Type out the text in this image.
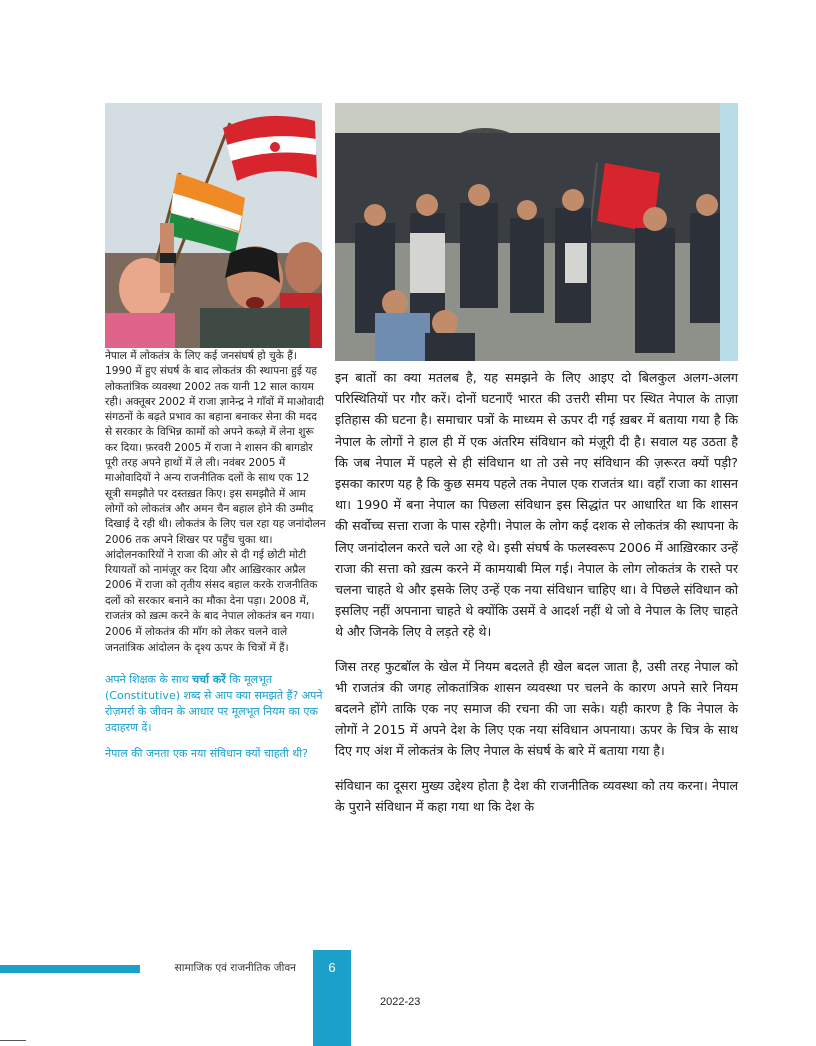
नेपाल में लोकतंत्र के लिए कई जनसंघर्ष हो चुके हैं। 1990 में हुए संघर्ष के बाद लोकतंत्र की स्थापना हुई यह लोकतांत्रिक व्यवस्था 2002 तक यानी 12 साल कायम रही। अक्तूबर 2002 में राजा ज्ञानेन्द्र ने गाँवों में माओवादी संगठनों के बढ़ते प्रभाव का बहाना बनाकर सेना की मदद से सरकार के विभिन्न कामों को अपने कब्ज़े में लेना शुरू कर दिया। फ़रवरी 2005 में राजा ने शासन की बागडोर पूरी तरह अपने हाथों में ले ली। नवंबर 2005 में माओवादियों ने अन्य राजनीतिक दलों के साथ एक 12 सूत्री समझौते पर दस्तख़त किए। इस समझौते में आम लोगों को लोकतंत्र और अमन चैन बहाल होने की उम्मीद दिखाई दे रही थी। लोकतंत्र के लिए चल रहा यह जनांदोलन 2006 तक अपने शिखर पर पहुँच चुका था। आंदोलनकारियों ने राजा की ओर से दी गई छोटी मोटी रियायतों को नामंज़ूर कर दिया और आख़िरकार अप्रैल 2006 में राजा को तृतीय संसद बहाल करके राजनीतिक दलों को सरकार बनाने का मौका देना पड़ा। 2008 में, राजतंत्र को ख़त्म करने के बाद नेपाल लोकतंत्र बन गया।

2006 में लोकतंत्र की माँग को लेकर चलने वाले जनतांत्रिक आंदोलन के दृश्य ऊपर के चित्रों में हैं।

अपने शिक्षक के साथ चर्चा करें कि मूलभूत (Constitutive) शब्द से आप क्या समझते हैं? अपने रोज़मर्रा के जीवन के आधार पर मूलभूत नियम का एक उदाहरण दें।

नेपाल की जनता एक नया संविधान क्यों चाहती थी?

इन बातों का क्या मतलब है, यह समझने के लिए आइए दो बिलकुल अलग-अलग परिस्थितियों पर गौर करें। दोनों घटनाएँ भारत की उत्तरी सीमा पर स्थित नेपाल के ताज़ा इतिहास की घटना है। समाचार पत्रों के माध्यम से ऊपर दी गई ख़बर में बताया गया है कि नेपाल के लोगों ने हाल ही में एक अंतरिम संविधान को मंज़ूरी दी है। सवाल यह उठता है कि जब नेपाल में पहले से ही संविधान था तो उसे नए संविधान की ज़रूरत क्यों पड़ी? इसका कारण यह है कि कुछ समय पहले तक नेपाल एक राजतंत्र था। वहाँ राजा का शासन था। 1990 में बना नेपाल का पिछला संविधान इस सिद्धांत पर आधारित था कि शासन की सर्वोच्च सत्ता राजा के पास रहेगी। नेपाल के लोग कई दशक से लोकतंत्र की स्थापना के लिए जनांदोलन करते चले आ रहे थे। इसी संघर्ष के फलस्वरूप 2006 में आख़िरकार उन्हें राजा की सत्ता को ख़त्म करने में कामयाबी मिल गई। नेपाल के लोग लोकतंत्र के रास्ते पर चलना चाहते थे और इसके लिए उन्हें एक नया संविधान चाहिए था। वे पिछले संविधान को इसलिए नहीं अपनाना चाहते थे क्योंकि उसमें वे आदर्श नहीं थे जो वे नेपाल के लिए चाहते थे और जिनके लिए वे लड़ते रहे थे।

जिस तरह फुटबॉल के खेल में नियम बदलते ही खेल बदल जाता है, उसी तरह नेपाल को भी राजतंत्र की जगह लोकतांत्रिक शासन व्यवस्था पर चलने के कारण अपने सारे नियम बदलने होंगे ताकि एक नए समाज की रचना की जा सके। यही कारण है कि नेपाल के लोगों ने 2015 में अपने देश के लिए एक नया संविधान अपनाया। ऊपर के चित्र के साथ दिए गए अंश में लोकतंत्र के लिए नेपाल के संघर्ष के बारे में बताया गया है।

संविधान का दूसरा मुख्य उद्देश्य होता है देश की राजनीतिक व्यवस्था को तय करना। नेपाल के पुराने संविधान में कहा गया था कि देश के

सामाजिक एवं राजनीतिक जीवन	6
2022-23
